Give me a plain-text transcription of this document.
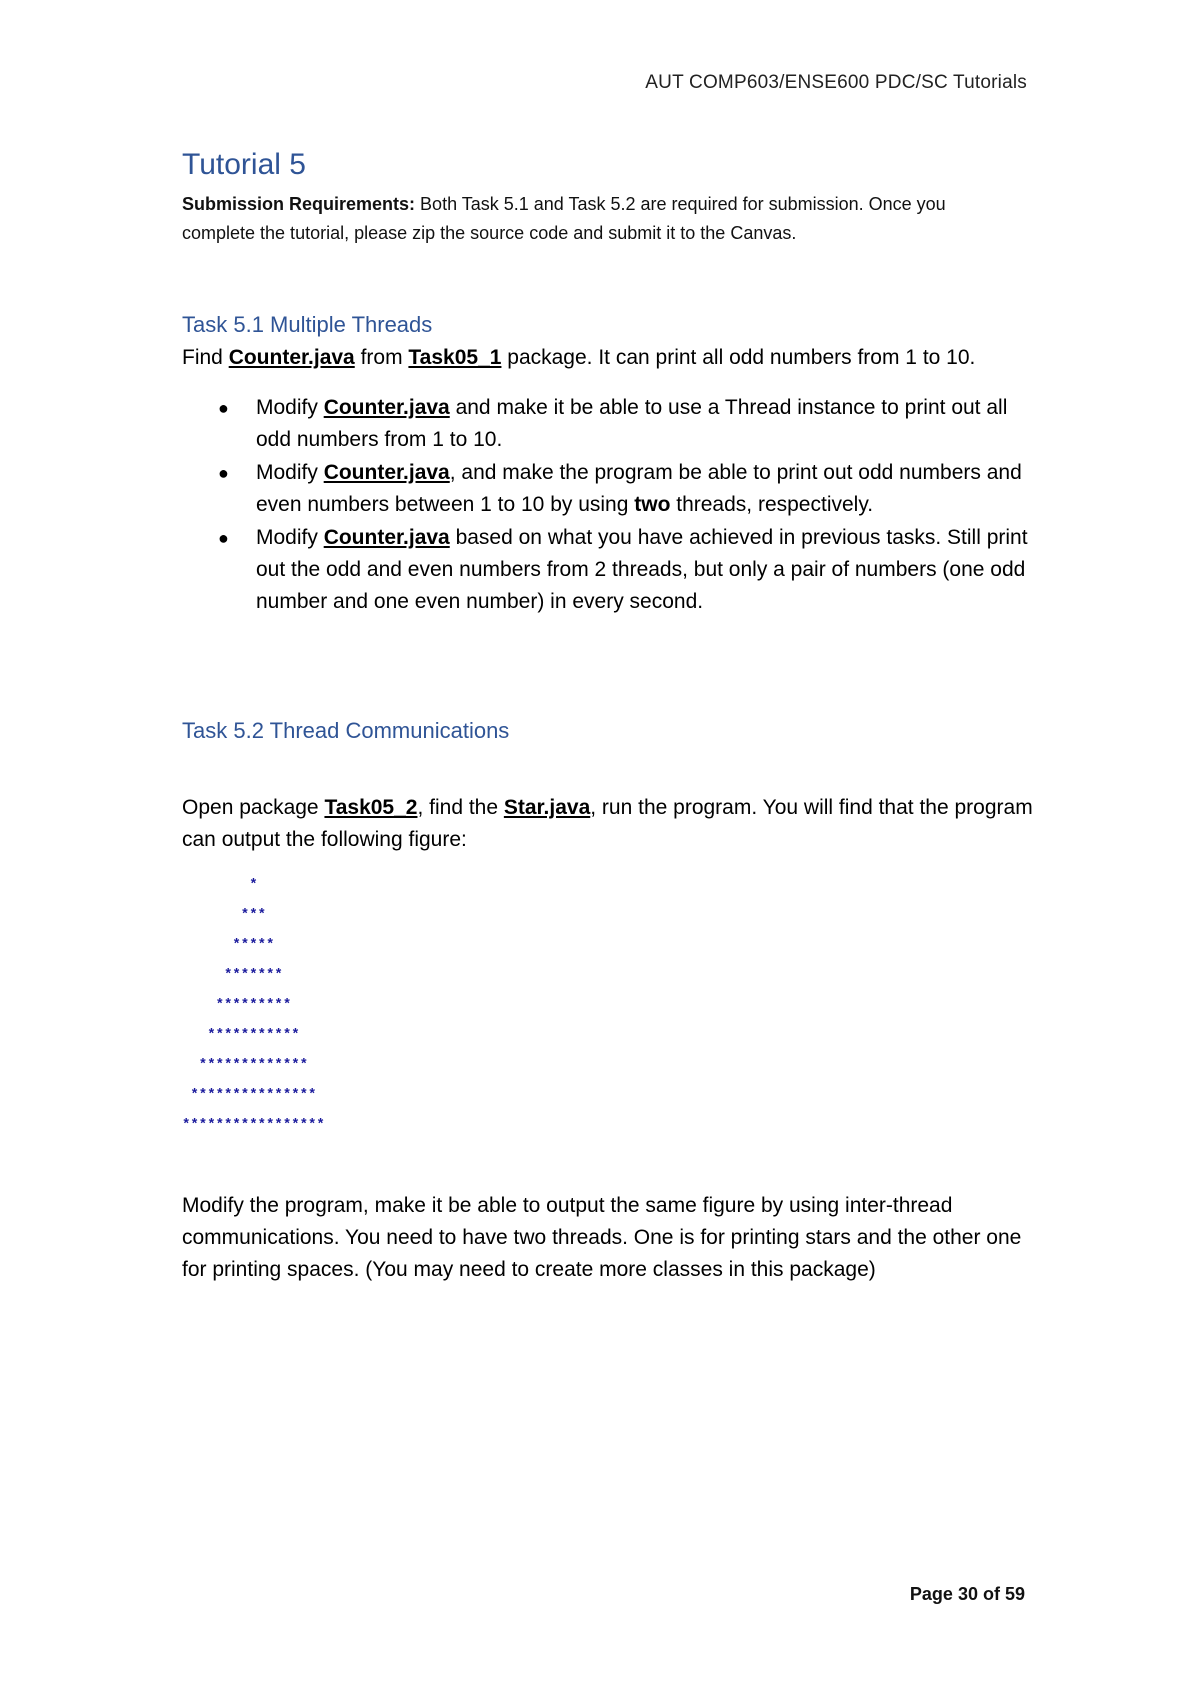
AUT COMP603/ENSE600 PDC/SC Tutorials
Tutorial 5
Submission Requirements: Both Task 5.1 and Task 5.2 are required for submission. Once you complete the tutorial, please zip the source code and submit it to the Canvas.
Task 5.1 Multiple Threads
Find Counter.java from Task05_1 package. It can print all odd numbers from 1 to 10.
● Modify Counter.java and make it be able to use a Thread instance to print out all odd numbers from 1 to 10.
● Modify Counter.java, and make the program be able to print out odd numbers and even numbers between 1 to 10 by using two threads, respectively.
● Modify Counter.java based on what you have achieved in previous tasks. Still print out the odd and even numbers from 2 threads, but only a pair of numbers (one odd number and one even number) in every second.
Task 5.2 Thread Communications
Open package Task05_2, find the Star.java, run the program. You will find that the program can output the following figure:
*
***
*****
*******
*********
***********
*************
***************
*****************
Modify the program, make it be able to output the same figure by using inter-thread communications. You need to have two threads. One is for printing stars and the other one for printing spaces. (You may need to create more classes in this package)
Page 30 of 59
